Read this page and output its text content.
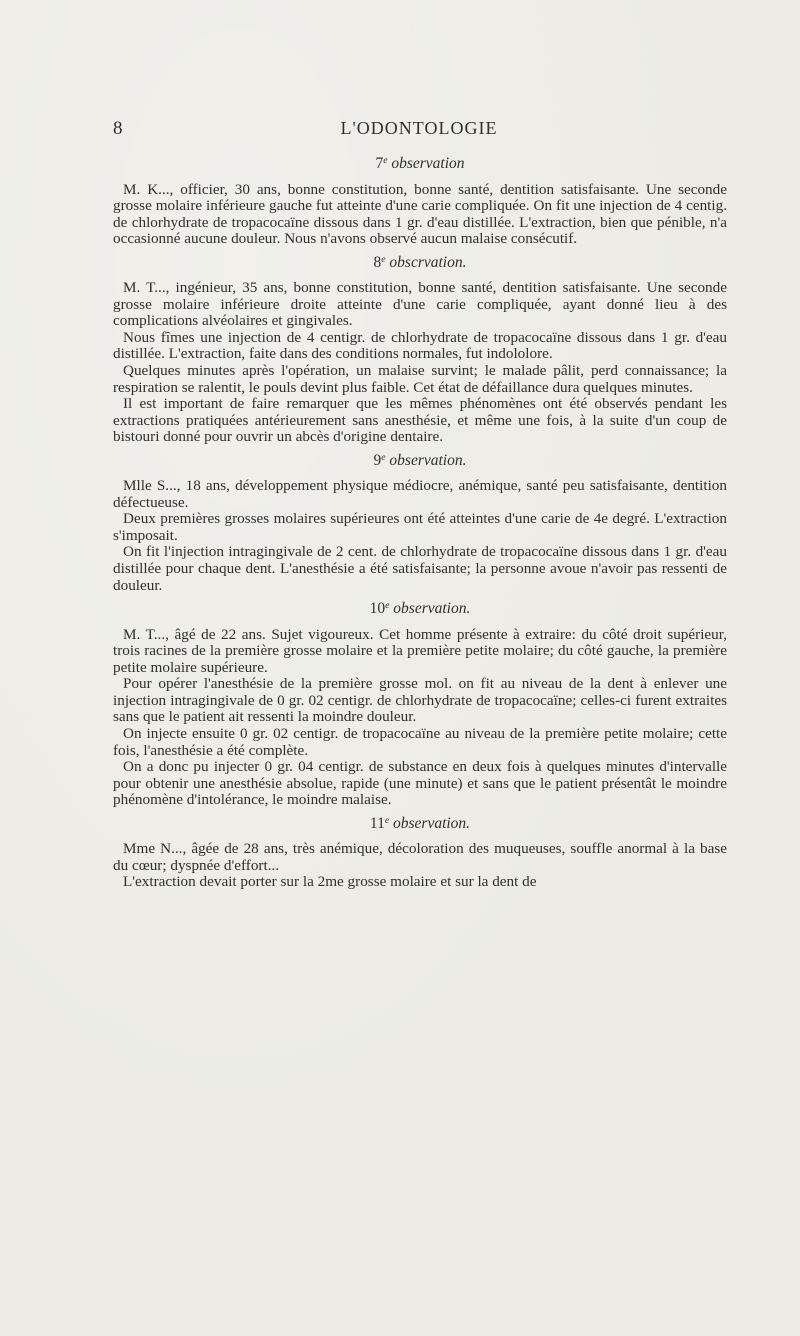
8	L'ODONTOLOGIE
7e observation

M. K..., officier, 30 ans, bonne constitution, bonne santé, dentition satisfaisante. Une seconde grosse molaire inférieure gauche fut atteinte d'une carie compliquée. On fit une injection de 4 centig. de chlorhydrate de tropacocaïne dissous dans 1 gr. d'eau distillée. L'extraction, bien que pénible, n'a occasionné aucune douleur. Nous n'avons observé aucun malaise consécutif.

8e obscrvation.

M. T..., ingénieur, 35 ans, bonne constitution, bonne santé, dentition satisfaisante. Une seconde grosse molaire inférieure droite atteinte d'une carie compliquée, ayant donné lieu à des complications alvéolaires et gingivales.

Nous fîmes une injection de 4 centigr. de chlorhydrate de tropacocaïne dissous dans 1 gr. d'eau distillée. L'extraction, faite dans des conditions normales, fut indololore.

Quelques minutes après l'opération, un malaise survint; le malade pâlit, perd connaissance; la respiration se ralentit, le pouls devint plus faible. Cet état de défaillance dura quelques minutes.

Il est important de faire remarquer que les mêmes phénomènes ont été observés pendant les extractions pratiquées antérieurement sans anesthésie, et même une fois, à la suite d'un coup de bistouri donné pour ouvrir un abcès d'origine dentaire.

9e observation.

Mlle S..., 18 ans, développement physique médiocre, anémique, santé peu satisfaisante, dentition défectueuse.

Deux premières grosses molaires supérieures ont été atteintes d'une carie de 4e degré. L'extraction s'imposait.

On fit l'injection intragingivale de 2 cent. de chlorhydrate de tropacocaïne dissous dans 1 gr. d'eau distillée pour chaque dent. L'anesthésie a été satisfaisante; la personne avoue n'avoir pas ressenti de douleur.

10e observation.

M. T..., âgé de 22 ans. Sujet vigoureux. Cet homme présente à extraire: du côté droit supérieur, trois racines de la première grosse molaire et la première petite molaire; du côté gauche, la première petite molaire supérieure.

Pour opérer l'anesthésie de la première grosse mol. on fit au niveau de la dent à enlever une injection intragingivale de 0 gr. 02 centigr. de chlorhydrate de tropacocaïne; celles-ci furent extraites sans que le patient ait ressenti la moindre douleur.

On injecte ensuite 0 gr. 02 centigr. de tropacocaïne au niveau de la première petite molaire; cette fois, l'anesthésie a été complète.

On a donc pu injecter 0 gr. 04 centigr. de substance en deux fois à quelques minutes d'intervalle pour obtenir une anesthésie absolue, rapide (une minute) et sans que le patient présentât le moindre phénomène d'intolérance, le moindre malaise.

11e observation.

Mme N..., âgée de 28 ans, très anémique, décoloration des muqueuses, souffle anormal à la base du cœur; dyspnée d'effort...

L'extraction devait porter sur la 2me grosse molaire et sur la dent de
